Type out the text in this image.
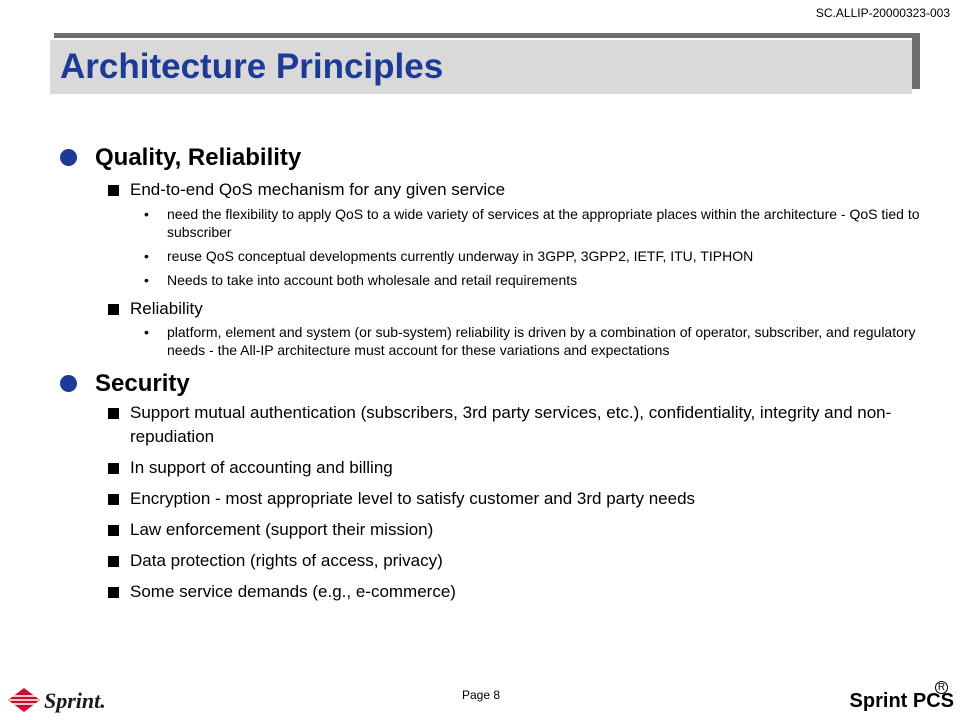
SC.ALLIP-20000323-003
Architecture Principles
Quality, Reliability
End-to-end QoS mechanism for any given service
• need the flexibility to apply QoS to a wide variety of services at the appropriate places within the architecture - QoS tied to subscriber
• reuse QoS conceptual developments currently underway in 3GPP, 3GPP2, IETF, ITU, TIPHON
• Needs to take into account both wholesale and retail requirements
Reliability
• platform, element and system (or sub-system) reliability is driven by a combination of operator, subscriber, and regulatory needs - the All-IP architecture must account for these variations and expectations
Security
Support mutual authentication (subscribers, 3rd party services, etc.), confidentiality, integrity and non-repudiation
In support of accounting and billing
Encryption - most appropriate level to satisfy customer and 3rd party needs
Law enforcement (support their mission)
Data protection (rights of access, privacy)
Some service demands (e.g., e-commerce)
Sprint.	Page 8
R
Sprint PCS
